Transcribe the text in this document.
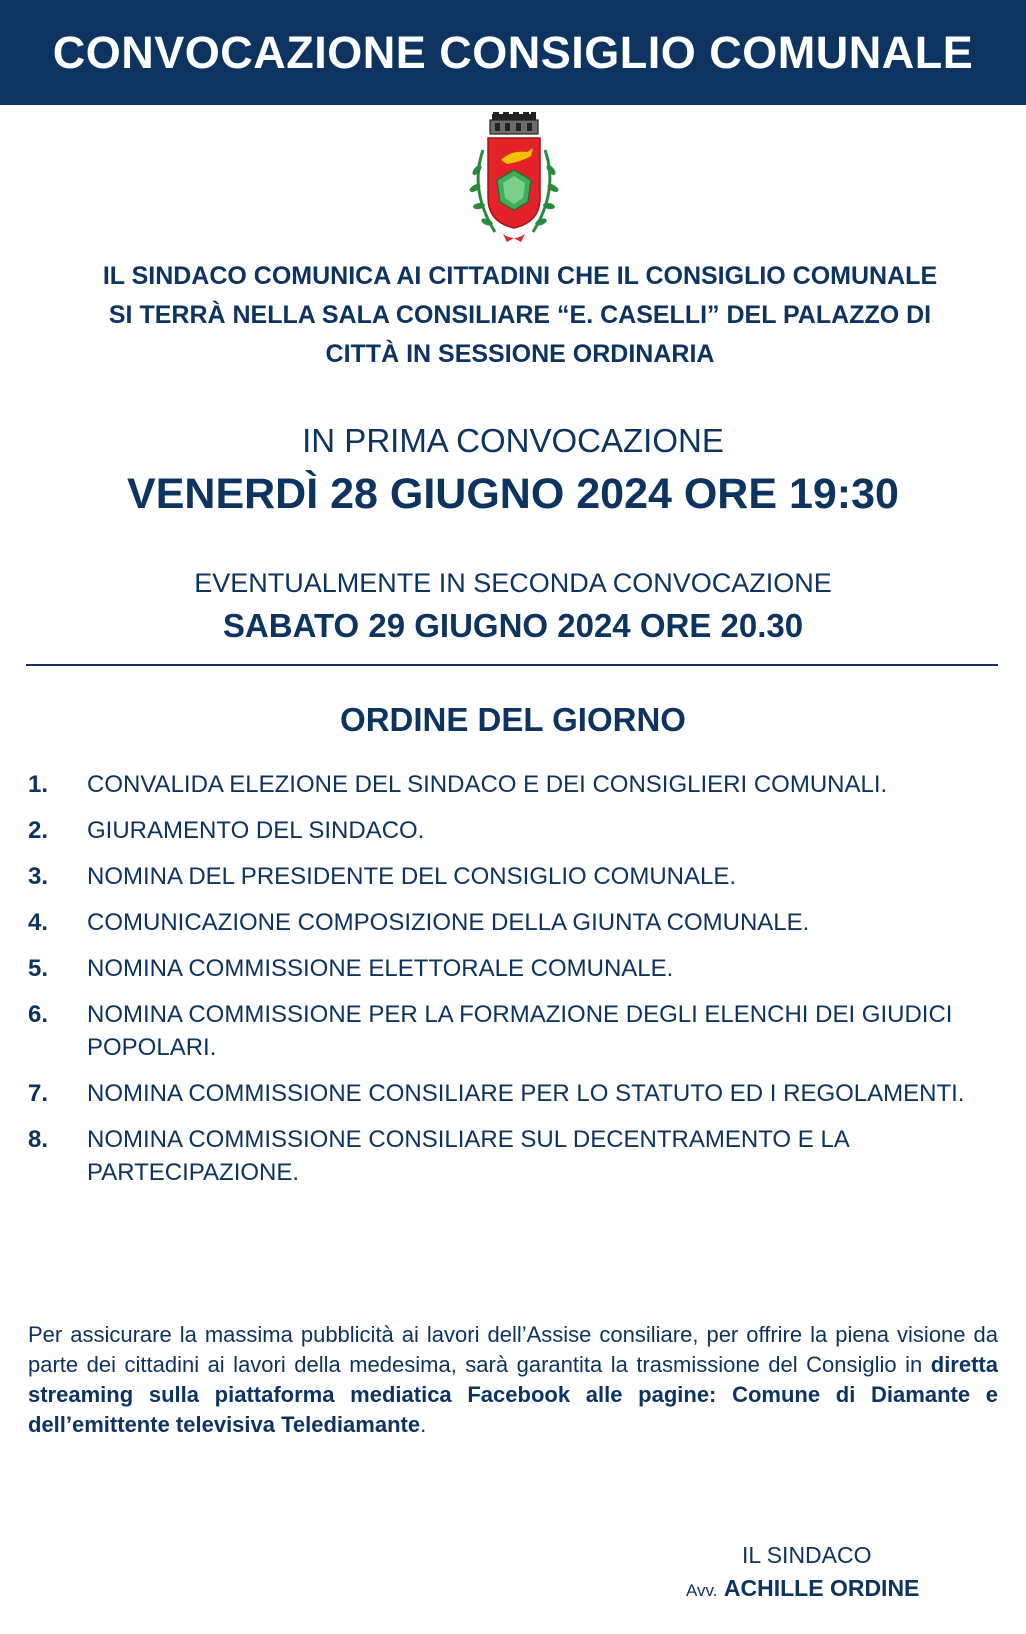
CONVOCAZIONE CONSIGLIO COMUNALE
IL SINDACO COMUNICA AI CITTADINI CHE IL CONSIGLIO COMUNALE
SI TERRÀ NELLA SALA CONSILIARE “E. CASELLI” DEL PALAZZO DI
CITTÀ IN SESSIONE ORDINARIA
IN PRIMA CONVOCAZIONE
VENERDÌ 28 GIUGNO 2024 ORE 19:30
EVENTUALMENTE IN SECONDA CONVOCAZIONE
SABATO 29 GIUGNO 2024 ORE 20.30
ORDINE DEL GIORNO
1.	CONVALIDA ELEZIONE DEL SINDACO E DEI CONSIGLIERI COMUNALI.
2.	GIURAMENTO DEL SINDACO.
3.	NOMINA DEL PRESIDENTE DEL CONSIGLIO COMUNALE.
4.	COMUNICAZIONE COMPOSIZIONE DELLA GIUNTA COMUNALE.
5.	NOMINA COMMISSIONE ELETTORALE COMUNALE.
6.	NOMINA COMMISSIONE PER LA FORMAZIONE DEGLI ELENCHI DEI GIUDICI POPOLARI.
7.	NOMINA COMMISSIONE CONSILIARE PER LO STATUTO ED I REGOLAMENTI.
8.	NOMINA COMMISSIONE CONSILIARE SUL DECENTRAMENTO E LA PARTECIPAZIONE.
Per assicurare la massima pubblicità ai lavori dell’Assise consiliare, per offrire la piena visione da parte dei cittadini ai lavori della medesima, sarà garantita la trasmissione del Consiglio in diretta streaming sulla piattaforma mediatica Facebook alle pagine: Comune di Diamante e dell’emittente televisiva Telediamante.
IL SINDACO
Avv. ACHILLE ORDINE
